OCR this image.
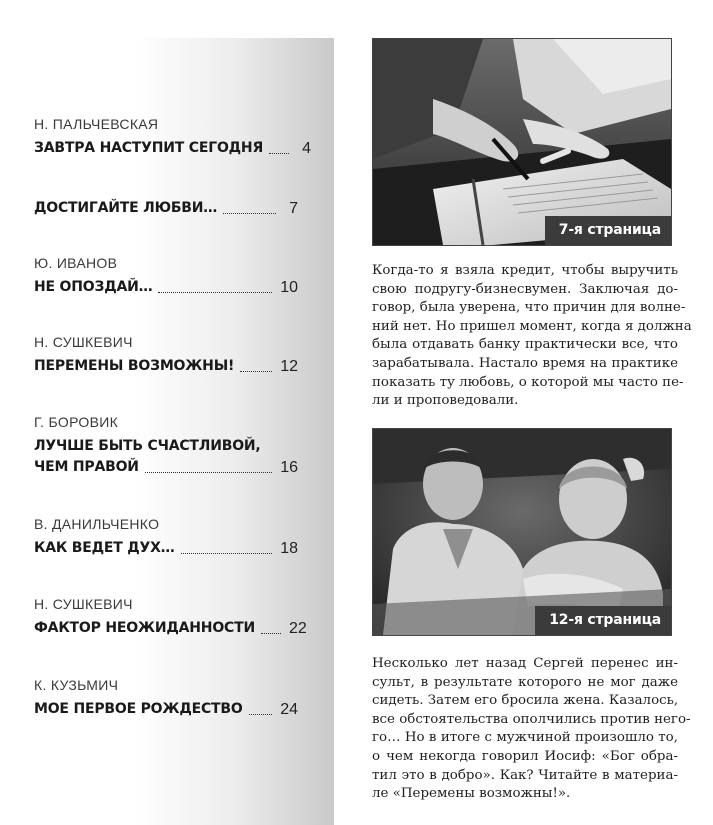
Н. ПАЛЬЧЕВСКАЯ
ЗАВТРА НАСТУПИТ СЕГОДНЯ	4
ДОСТИГАЙТЕ ЛЮБВИ…	7
Ю. ИВАНОВ
НЕ ОПОЗДАЙ…	10
Н. СУШКЕВИЧ
ПЕРЕМЕНЫ ВОЗМОЖНЫ!	12
Г. БОРОВИК
ЛУЧШЕ БЫТЬ СЧАСТЛИВОЙ,
ЧЕМ ПРАВОЙ	16
В. ДАНИЛЬЧЕНКО
КАК ВЕДЕТ ДУХ…	18
Н. СУШКЕВИЧ
ФАКТОР НЕОЖИДАННОСТИ 22
К. КУЗЬМИЧ
МОЕ ПЕРВОЕ РОЖДЕСТВО 24
7-я страница
Когда-то я взяла кредит, чтобы выручить
свою подругу-бизнесвумен. Заключая до-
говор, была уверена, что причин для волне-
ний нет. Но пришел момент, когда я должна
была отдавать банку практически все, что
зарабатывала. Настало время на практике
показать ту любовь, о которой мы часто пе-
ли и проповедовали.
12-я страница
Несколько лет назад Сергей перенес ин-
сульт, в результате которого не мог даже
сидеть. Затем его бросила жена. Казалось,
все обстоятельства ополчились против него-
го… Но в итоге с мужчиной произошло то,
о чем некогда говорил Иосиф: «Бог обра-
тил это в добро». Как? Читайте в материа-
ле «Перемены возможны!».
